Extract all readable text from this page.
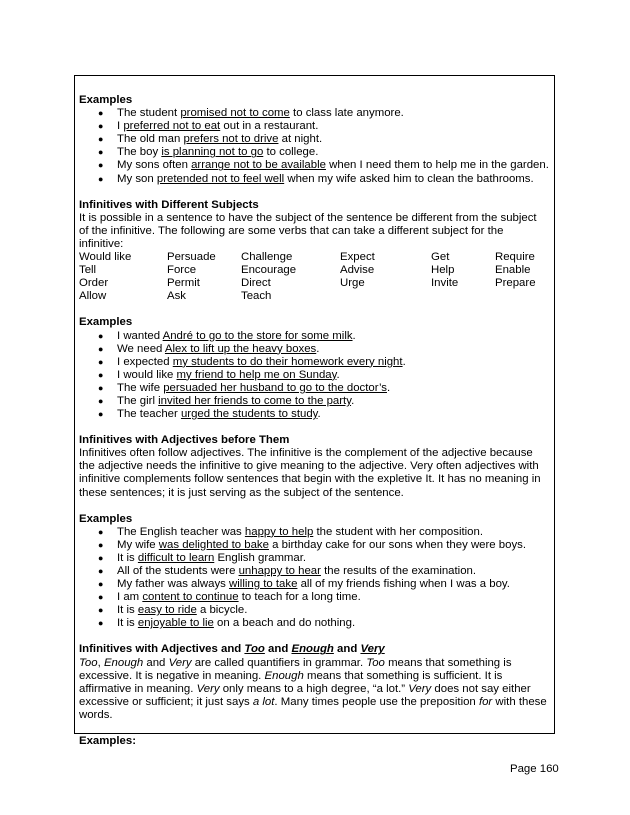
Examples

● The student promised not to come to class late anymore.
● I preferred not to eat out in a restaurant.
● The old man prefers not to drive at night.
● The boy is planning not to go to college.
● My sons often arrange not to be available when I need them to help me in the garden.
● My son pretended not to feel well when my wife asked him to clean the bathrooms.

Infinitives with Different Subjects

It is possible in a sentence to have the subject of the sentence be different from the subject of the infinitive. The following are some verbs that can take a different subject for the infinitive:

Would like	Persuade	Challenge	Expect	Get	Require
Tell	Force	Encourage	Advise	Help	Enable
Order	Permit	Direct	Urge	Invite	Prepare
Allow	Ask	Teach			

Examples

● I wanted André to go to the store for some milk.
● We need Alex to lift up the heavy boxes.
● I expected my students to do their homework every night.
● I would like my friend to help me on Sunday.
● The wife persuaded her husband to go to the doctor’s.
● The girl invited her friends to come to the party.
● The teacher urged the students to study.

Infinitives with Adjectives before Them

Infinitives often follow adjectives. The infinitive is the complement of the adjective because the adjective needs the infinitive to give meaning to the adjective. Very often adjectives with infinitive complements follow sentences that begin with the expletive It. It has no meaning in these sentences; it is just serving as the subject of the sentence.

Examples

● The English teacher was happy to help the student with her composition.
● My wife was delighted to bake a birthday cake for our sons when they were boys.
● It is difficult to learn English grammar.
● All of the students were unhappy to hear the results of the examination.
● My father was always willing to take all of my friends fishing when I was a boy.
● I am content to continue to teach for a long time.
● It is easy to ride a bicycle.
● It is enjoyable to lie on a beach and do nothing.

Infinitives with Adjectives and Too and Enough and Very

Too, Enough and Very are called quantifiers in grammar. Too means that something is excessive. It is negative in meaning. Enough means that something is sufficient. It is affirmative in meaning. Very only means to a high degree, “a lot.” Very does not say either excessive or sufficient; it just says a lot. Many times people use the preposition for with these words.

Examples:

Page 160
